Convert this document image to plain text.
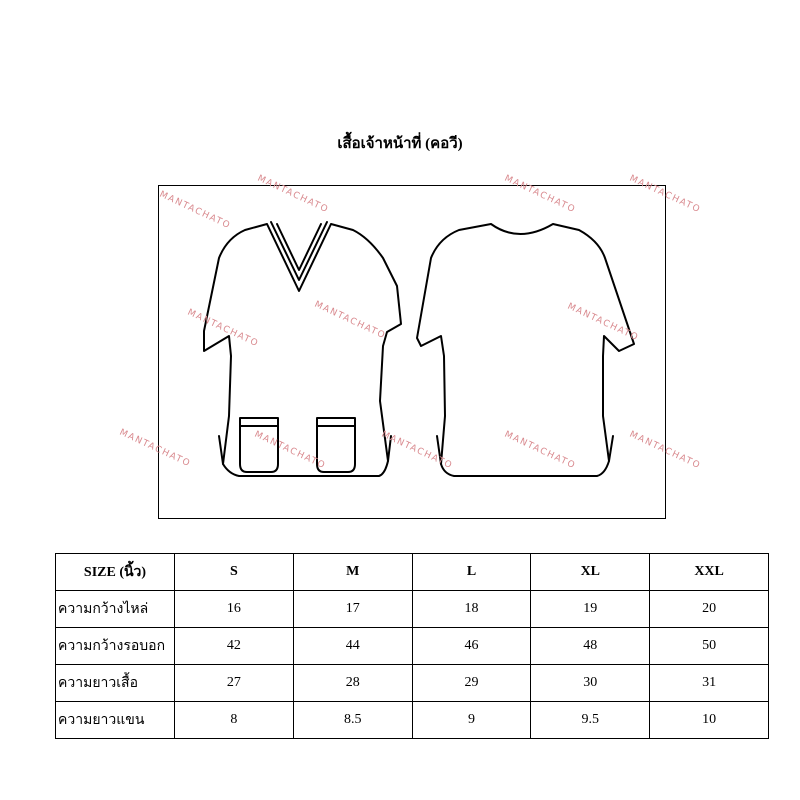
เสื้อเจ้าหน้าที่ (คอวี)
MANTACHATO	MANTACHATO	MANTACHATO	MANTACHATO
MANTACHATO	MANTACHATO	MANTACHATO
MANTACHATO	MANTACHATO	MANTACHATO	MANTACHATO	MANTACHATO
SIZE (นิ้ว)	S	M	L	XL	XXL
ความกว้างไหล่	16	17	18	19	20
ความกว้างรอบอก	42	44	46	48	50
ความยาวเสื้อ	27	28	29	30	31
ความยาวแขน	8	8.5	9	9.5	10
